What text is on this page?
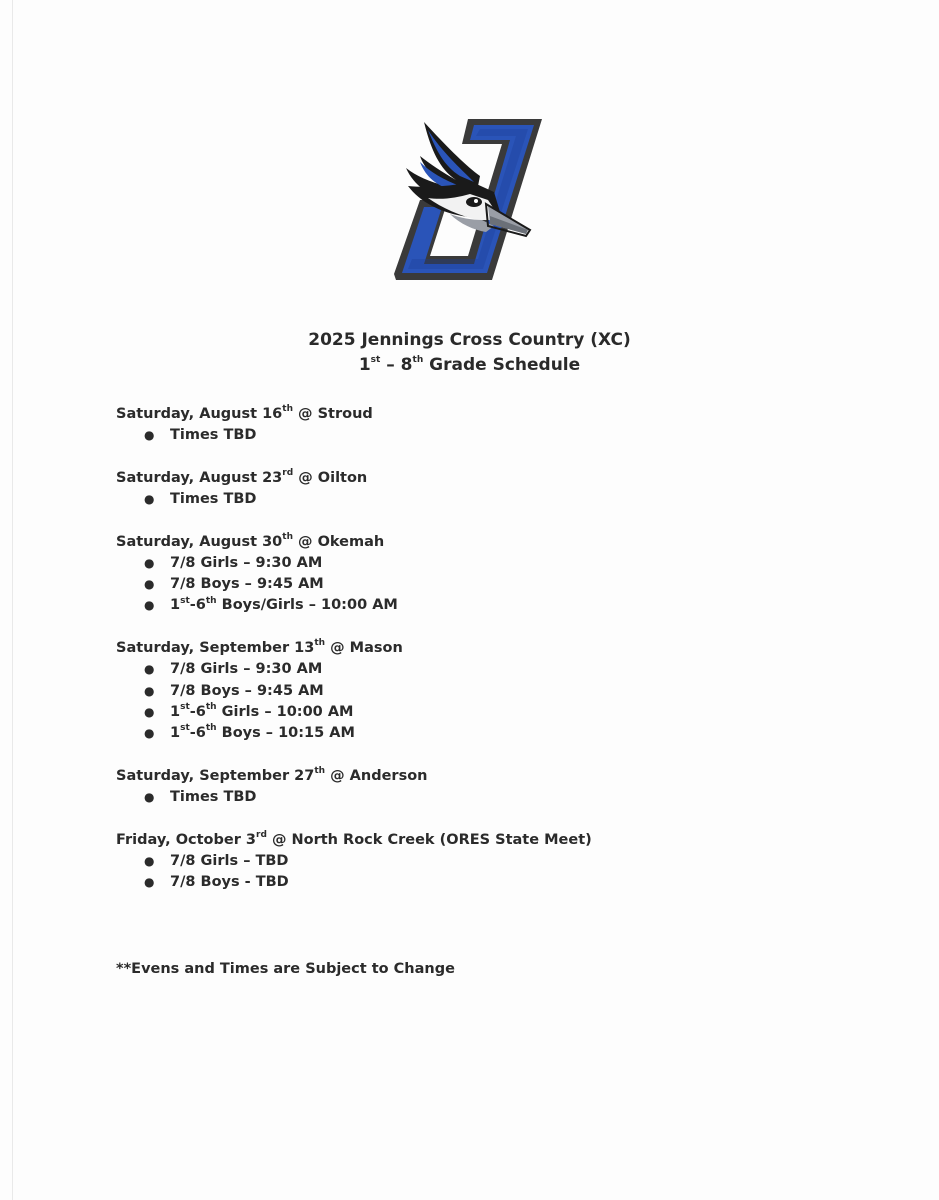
2025 Jennings Cross Country (XC)
1st – 8th Grade Schedule
Saturday, August 16th @ Stroud
● Times TBD
Saturday, August 23rd @ Oilton
● Times TBD
Saturday, August 30th @ Okemah
● 7/8 Girls – 9:30 AM
● 7/8 Boys – 9:45 AM
● 1st-6th Boys/Girls – 10:00 AM
Saturday, September 13th @ Mason
● 7/8 Girls – 9:30 AM
● 7/8 Boys – 9:45 AM
● 1st-6th Girls – 10:00 AM
● 1st-6th Boys – 10:15 AM
Saturday, September 27th @ Anderson
● Times TBD
Friday, October 3rd @ North Rock Creek (ORES State Meet)
● 7/8 Girls – TBD
● 7/8 Boys - TBD
**Evens and Times are Subject to Change
